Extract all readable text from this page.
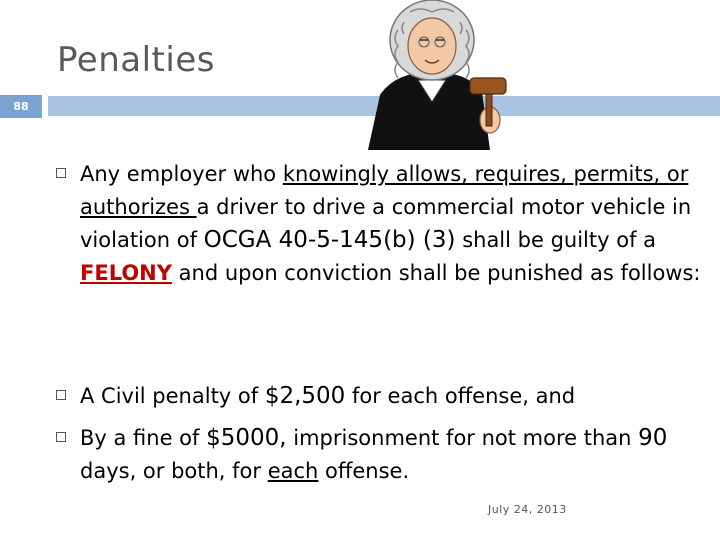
Penalties
88
Any employer who knowingly allows, requires, permits, or authorizes a driver to drive a commercial motor vehicle in violation of OCGA 40-5-145(b) (3) shall be guilty of a FELONY and upon conviction shall be punished as follows:
A Civil penalty of $2,500 for each offense, and
By a fine of $5000, imprisonment for not more than 90 days, or both, for each offense.
July 24, 2013
